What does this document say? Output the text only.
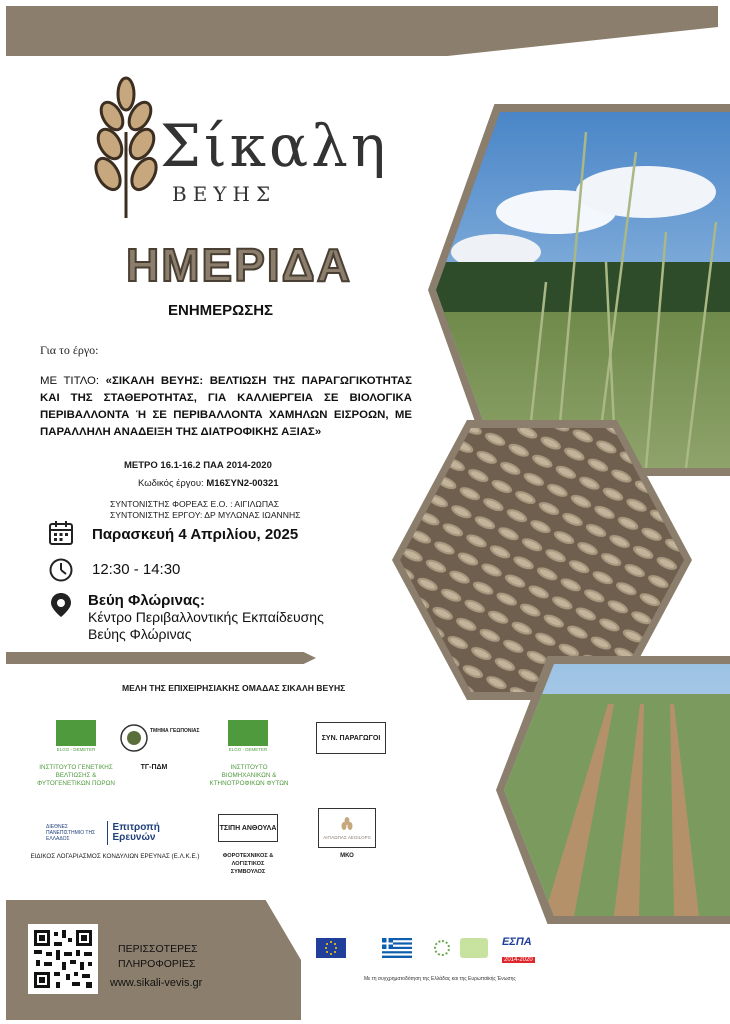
Σίκαλη
ΒΕΥΗΣ
ΗΜΕΡΙΔΑ
ΕΝΗΜΕΡΩΣΗΣ
Για το έργο:
ΜΕ ΤΙΤΛΟ: «ΣΙΚΑΛΗ ΒΕΥΗΣ: ΒΕΛΤΙΩΣΗ ΤΗΣ ΠΑΡΑΓΩΓΙΚΟΤΗΤΑΣ ΚΑΙ ΤΗΣ ΣΤΑΘΕΡΟΤΗΤΑΣ, ΓΙΑ ΚΑΛΛΙΕΡΓΕΙΑ ΣΕ ΒΙΟΛΟΓΙΚΑ ΠΕΡΙΒΑΛΛΟΝΤΑ Ή ΣΕ ΠΕΡΙΒΑΛΛΟΝΤΑ ΧΑΜΗΛΩΝ ΕΙΣΡΟΩΝ, ΜΕ ΠΑΡΑΛΛΗΛΗ ΑΝΑΔΕΙΞΗ ΤΗΣ ΔΙΑΤΡΟΦΙΚΗΣ ΑΞΙΑΣ»
ΜΕΤΡΟ 16.1-16.2 ΠΑΑ 2014-2020
Κωδικός έργου: M16ΣΥΝ2-00321
ΣΥΝΤΟΝΙΣΤΗΣ ΦΟΡΕΑΣ Ε.Ο. : ΑΙΓΙΛΩΠΑΣ
ΣΥΝΤΟΝΙΣΤΗΣ ΕΡΓΟΥ: ΔΡ ΜΥΛΩΝΑΣ ΙΩΑΝΝΗΣ
Παρασκευή 4 Απριλίου, 2025
12:30 - 14:30
Βεύη Φλώρινας:
Κέντρο Περιβαλλοντικής Εκπαίδευσης
Βεύης Φλώρινας
ΜΕΛΗ ΤΗΣ ΕΠΙΧΕΙΡΗΣΙΑΚΗΣ ΟΜΑΔΑΣ ΣΙΚΑΛΗ ΒΕΥΗΣ
ELGO - DEMETER
ΙΝΣΤΙΤΟΥΤΟ ΓΕΝΕΤΙΚΗΣ ΒΕΛΤΙΩΣΗΣ & ΦΥΤΟΓΕΝΕΤΙΚΩΝ ΠΟΡΩΝ
ΤΜΗΜΑ ΓΕΩΠΟΝΙΑΣ
ΤΓ-ΠΔΜ
ELGO - DEMETER
ΙΝΣΤΙΤΟΥΤΟ ΒΙΟΜΗΧΑΝΙΚΩΝ & ΚΤΗΝΟΤΡΟΦΙΚΩΝ ΦΥΤΩΝ
ΣΥΝ. ΠΑΡΑΓΩΓΟΙ
ΔΙΕΘΝΕΣ ΠΑΝΕΠΙΣΤΗΜΙΟ ΤΗΣ ΕΛΛΑΔΟΣ
Επιτροπή Ερευνών
ΕΙΔΙΚΟΣ ΛΟΓΑΡΙΑΣΜΟΣ ΚΟΝΔΥΛΙΩΝ ΕΡΕΥΝΑΣ (Ε.Λ.Κ.Ε.)
ΤΣΙΠΗ ΑΝΘΟΥΛΑ
ΦΟΡΟΤΕΧΝΙΚΟΣ & ΛΟΓΙΣΤΙΚΟΣ ΣΥΜΒΟΥΛΟΣ
ΑΙΓΙΛΩΠΑΣ AEGILOPS
ΜΚΟ
ΠΕΡΙΣΣΟΤΕΡΕΣ
ΠΛΗΡΟΦΟΡΙΕΣ
www.sikali-vevis.gr
ΕΣΠΑ
2014-2020
Με τη συγχρηματοδότηση της Ελλάδας και της Ευρωπαϊκής Ένωσης
